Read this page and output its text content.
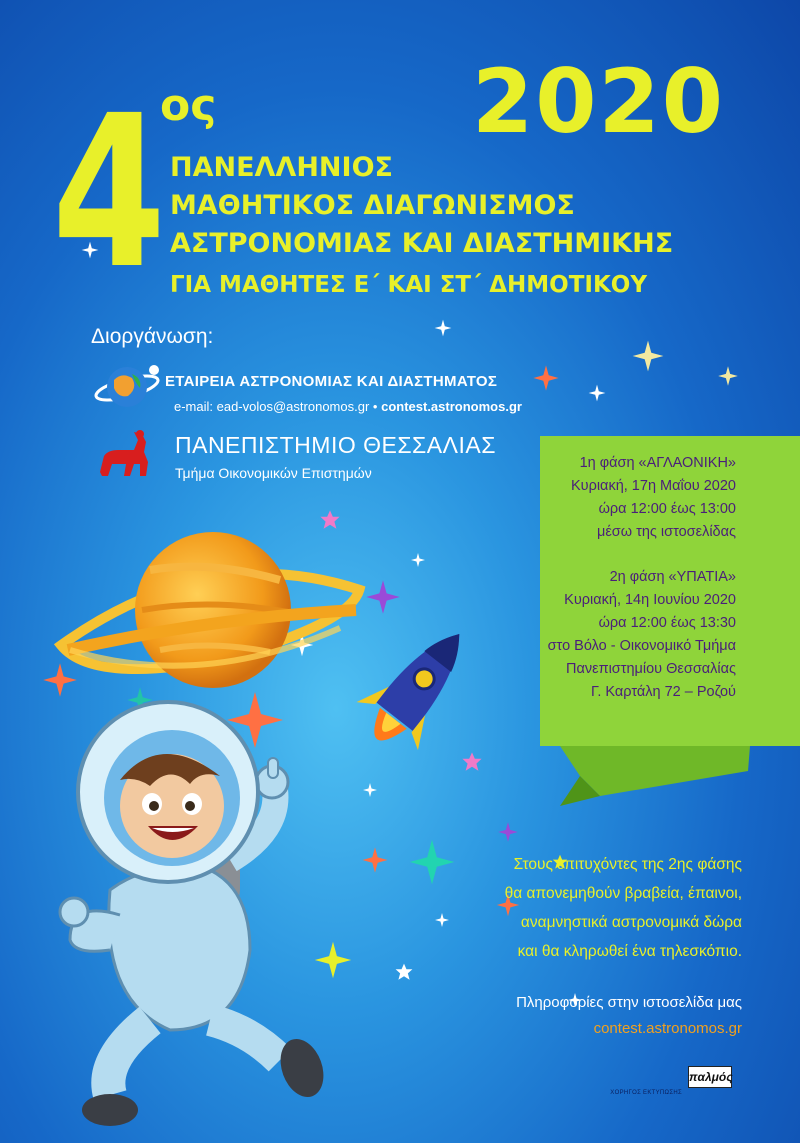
4
ος	2020
ΠΑΝΕΛΛΗΝΙΟΣ
ΜΑΘΗΤΙΚΟΣ ΔΙΑΓΩΝΙΣΜΟΣ
ΑΣΤΡΟΝΟΜΙΑΣ ΚΑΙ ΔΙΑΣΤΗΜΙΚΗΣ
ΓΙΑ ΜΑΘΗΤΕΣ Ε΄ ΚΑΙ ΣΤ΄ ΔΗΜΟΤΙΚΟΥ
Διοργάνωση:
ΕΤΑΙΡΕΙΑ ΑΣΤΡΟΝΟΜΙΑΣ ΚΑΙ ΔΙΑΣΤΗΜΑΤΟΣ
e-mail: ead-volos@astronomos.gr • contest.astronomos.gr
ΠΑΝΕΠΙΣΤΗΜΙΟ ΘΕΣΣΑΛΙΑΣ
Τμήμα Οικονομικών Επιστημών
1η φάση «ΑΓΛΑΟΝΙΚΗ»
Κυριακή, 17η Μαΐου 2020
ώρα 12:00 έως 13:00
μέσω της ιστοσελίδας
2η φάση «ΥΠΑΤΙΑ»
Κυριακή, 14η Ιουνίου 2020
ώρα 12:00 έως 13:30
στο Βόλο - Οικονομικό Τμήμα
Πανεπιστημίου Θεσσαλίας
Γ. Καρτάλη 72 – Ροζού
Στους επιτυχόντες της 2ης φάσης
θα απονεμηθούν βραβεία, έπαινοι,
αναμνηστικά αστρονομικά δώρα
και θα κληρωθεί ένα τηλεσκόπιο.
Πληροφορίες στην ιστοσελίδα μας
contest.astronomos.gr
ΧΟΡΗΓΟΣ ΕΚΤΥΠΩΣΗΣ
παλμός
